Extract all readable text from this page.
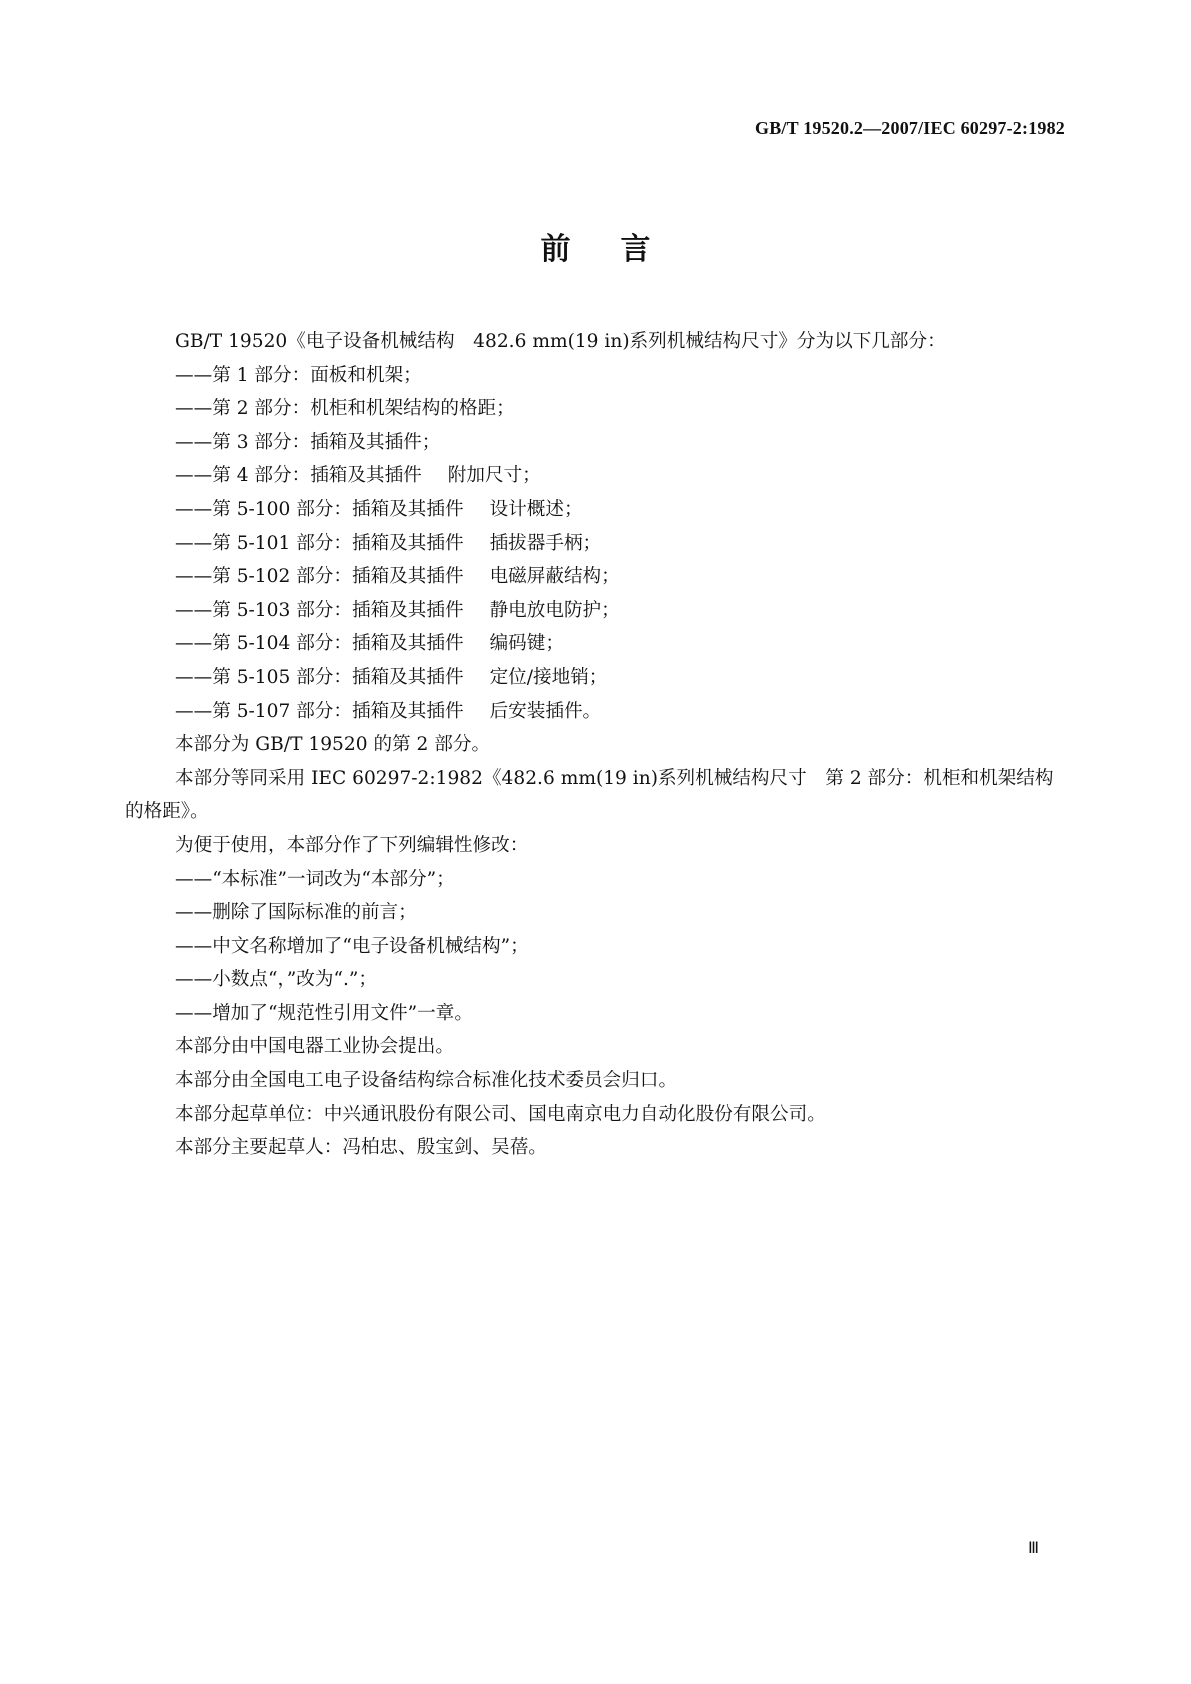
GB/T 19520.2—2007/IEC 60297-2:1982
前言

GB/T 19520《电子设备机械结构　482.6 mm(19 in)系列机械结构尺寸》分为以下几部分：

——第 1 部分：面板和机架；

——第 2 部分：机柜和机架结构的格距；

——第 3 部分：插箱及其插件；

——第 4 部分：插箱及其插件 附加尺寸；

——第 5-100 部分：插箱及其插件 设计概述；

——第 5-101 部分：插箱及其插件 插拔器手柄；

——第 5-102 部分：插箱及其插件 电磁屏蔽结构；

——第 5-103 部分：插箱及其插件 静电放电防护；

——第 5-104 部分：插箱及其插件 编码键；

——第 5-105 部分：插箱及其插件 定位/接地销；

——第 5-107 部分：插箱及其插件 后安装插件。

本部分为 GB/T 19520 的第 2 部分。

本部分等同采用 IEC 60297-2:1982《482.6 mm(19 in)系列机械结构尺寸　第 2 部分：机柜和机架结构的格距》。

为便于使用，本部分作了下列编辑性修改：

——“本标准”一词改为“本部分”；

——删除了国际标准的前言；

——中文名称增加了“电子设备机械结构”；

——小数点“，”改为“.”；

——增加了“规范性引用文件”一章。

本部分由中国电器工业协会提出。

本部分由全国电工电子设备结构综合标准化技术委员会归口。

本部分起草单位：中兴通讯股份有限公司、国电南京电力自动化股份有限公司。

本部分主要起草人：冯柏忠、殷宝剑、吴蓓。

Ⅲ
